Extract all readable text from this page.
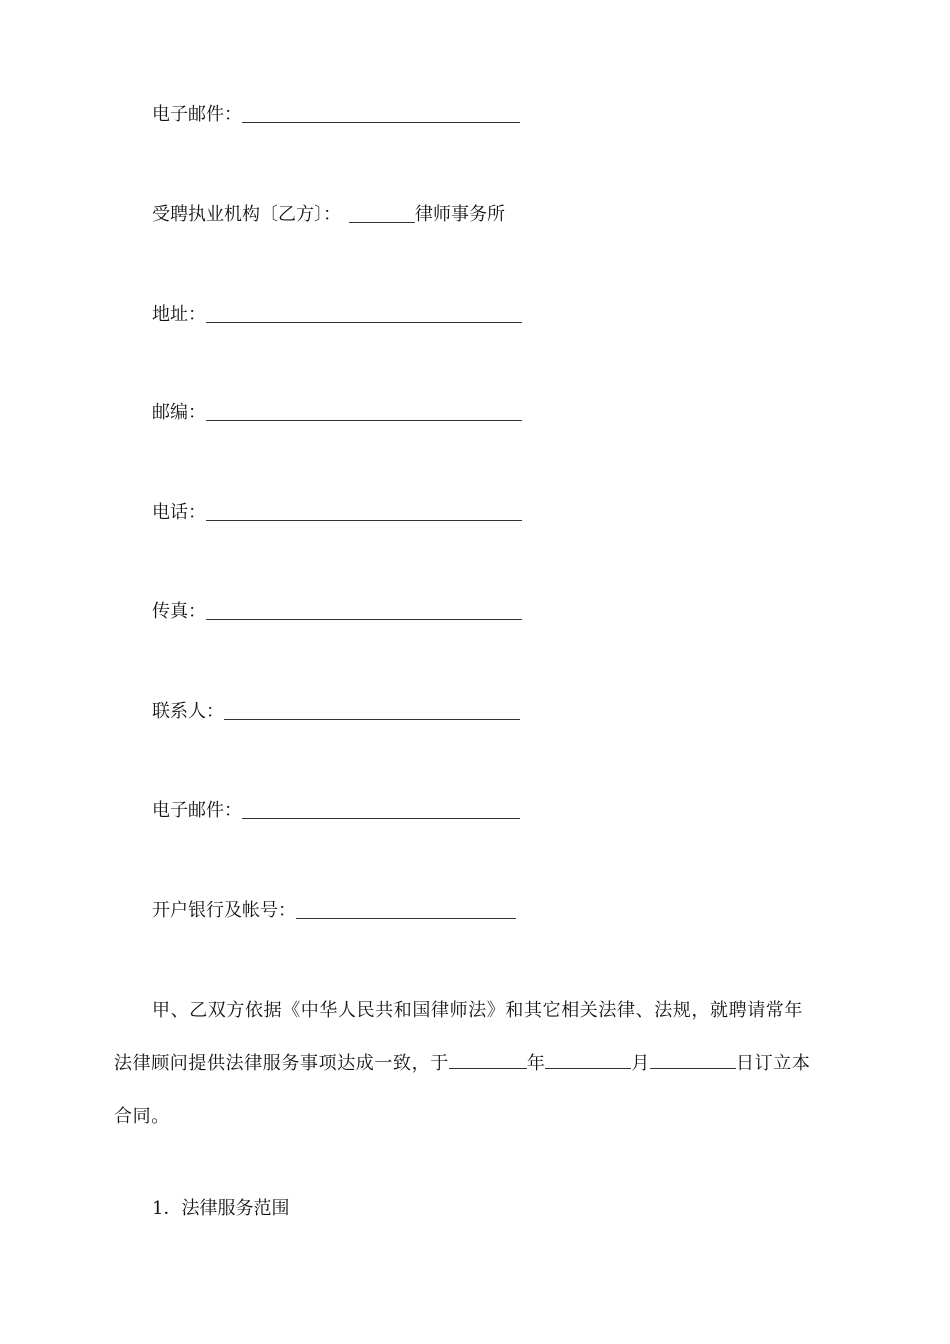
电子邮件：
受聘执业机构〔乙方〕：	律师事务所
地址：
邮编：
电话：
传真：
联系人：
电子邮件：
开户银行及帐号：
甲、乙双方依据《中华人民共和国律师法》和其它相关法律、法规，就聘请常年
法律顾问提供法律服务事项达成一致，于	年	月	日订立本
合同。
1．法律服务范围
